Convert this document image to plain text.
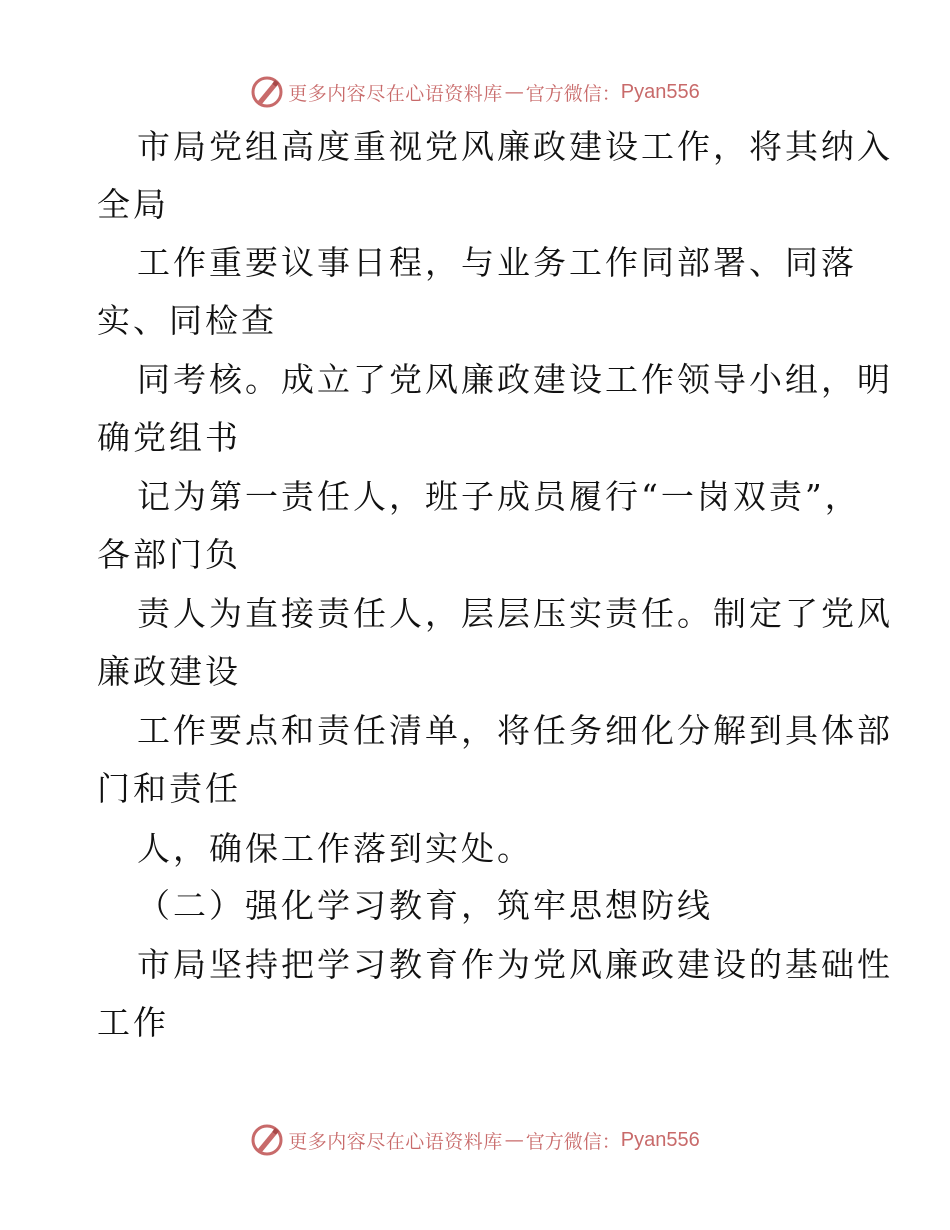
更多内容尽在心语资料库 — 官方微信： Pyan556
市局党组高度重视党风廉政建设工作，将其纳入
全局
工作重要议事日程，与业务工作同部署、同落
实、同检查
同考核。成立了党风廉政建设工作领导小组，明
确党组书
记为第一责任人，班子成员履行“一岗双责”，
各部门负
责人为直接责任人，层层压实责任。制定了党风
廉政建设
工作要点和责任清单，将任务细化分解到具体部
门和责任
人，确保工作落到实处。
（二）强化学习教育，筑牢思想防线
市局坚持把学习教育作为党风廉政建设的基础性
工作
更多内容尽在心语资料库 — 官方微信： Pyan556
